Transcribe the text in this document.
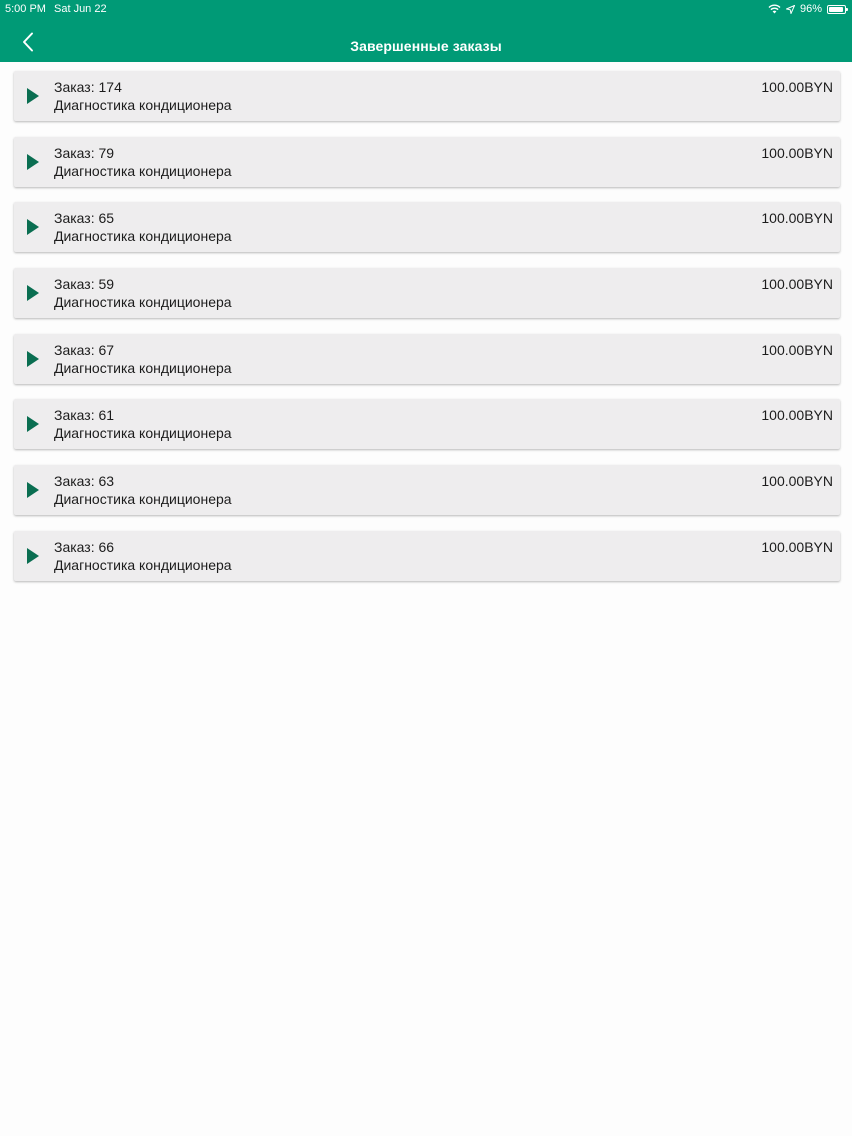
5:00 PM Sat Jun 22	96%
Завершенные заказы
Заказ: 174
Диагностика кондиционера
100.00BYN
Заказ: 79
Диагностика кондиционера
100.00BYN
Заказ: 65
Диагностика кондиционера
100.00BYN
Заказ: 59
Диагностика кондиционера
100.00BYN
Заказ: 67
Диагностика кондиционера
100.00BYN
Заказ: 61
Диагностика кондиционера
100.00BYN
Заказ: 63
Диагностика кондиционера
100.00BYN
Заказ: 66
Диагностика кондиционера
100.00BYN
